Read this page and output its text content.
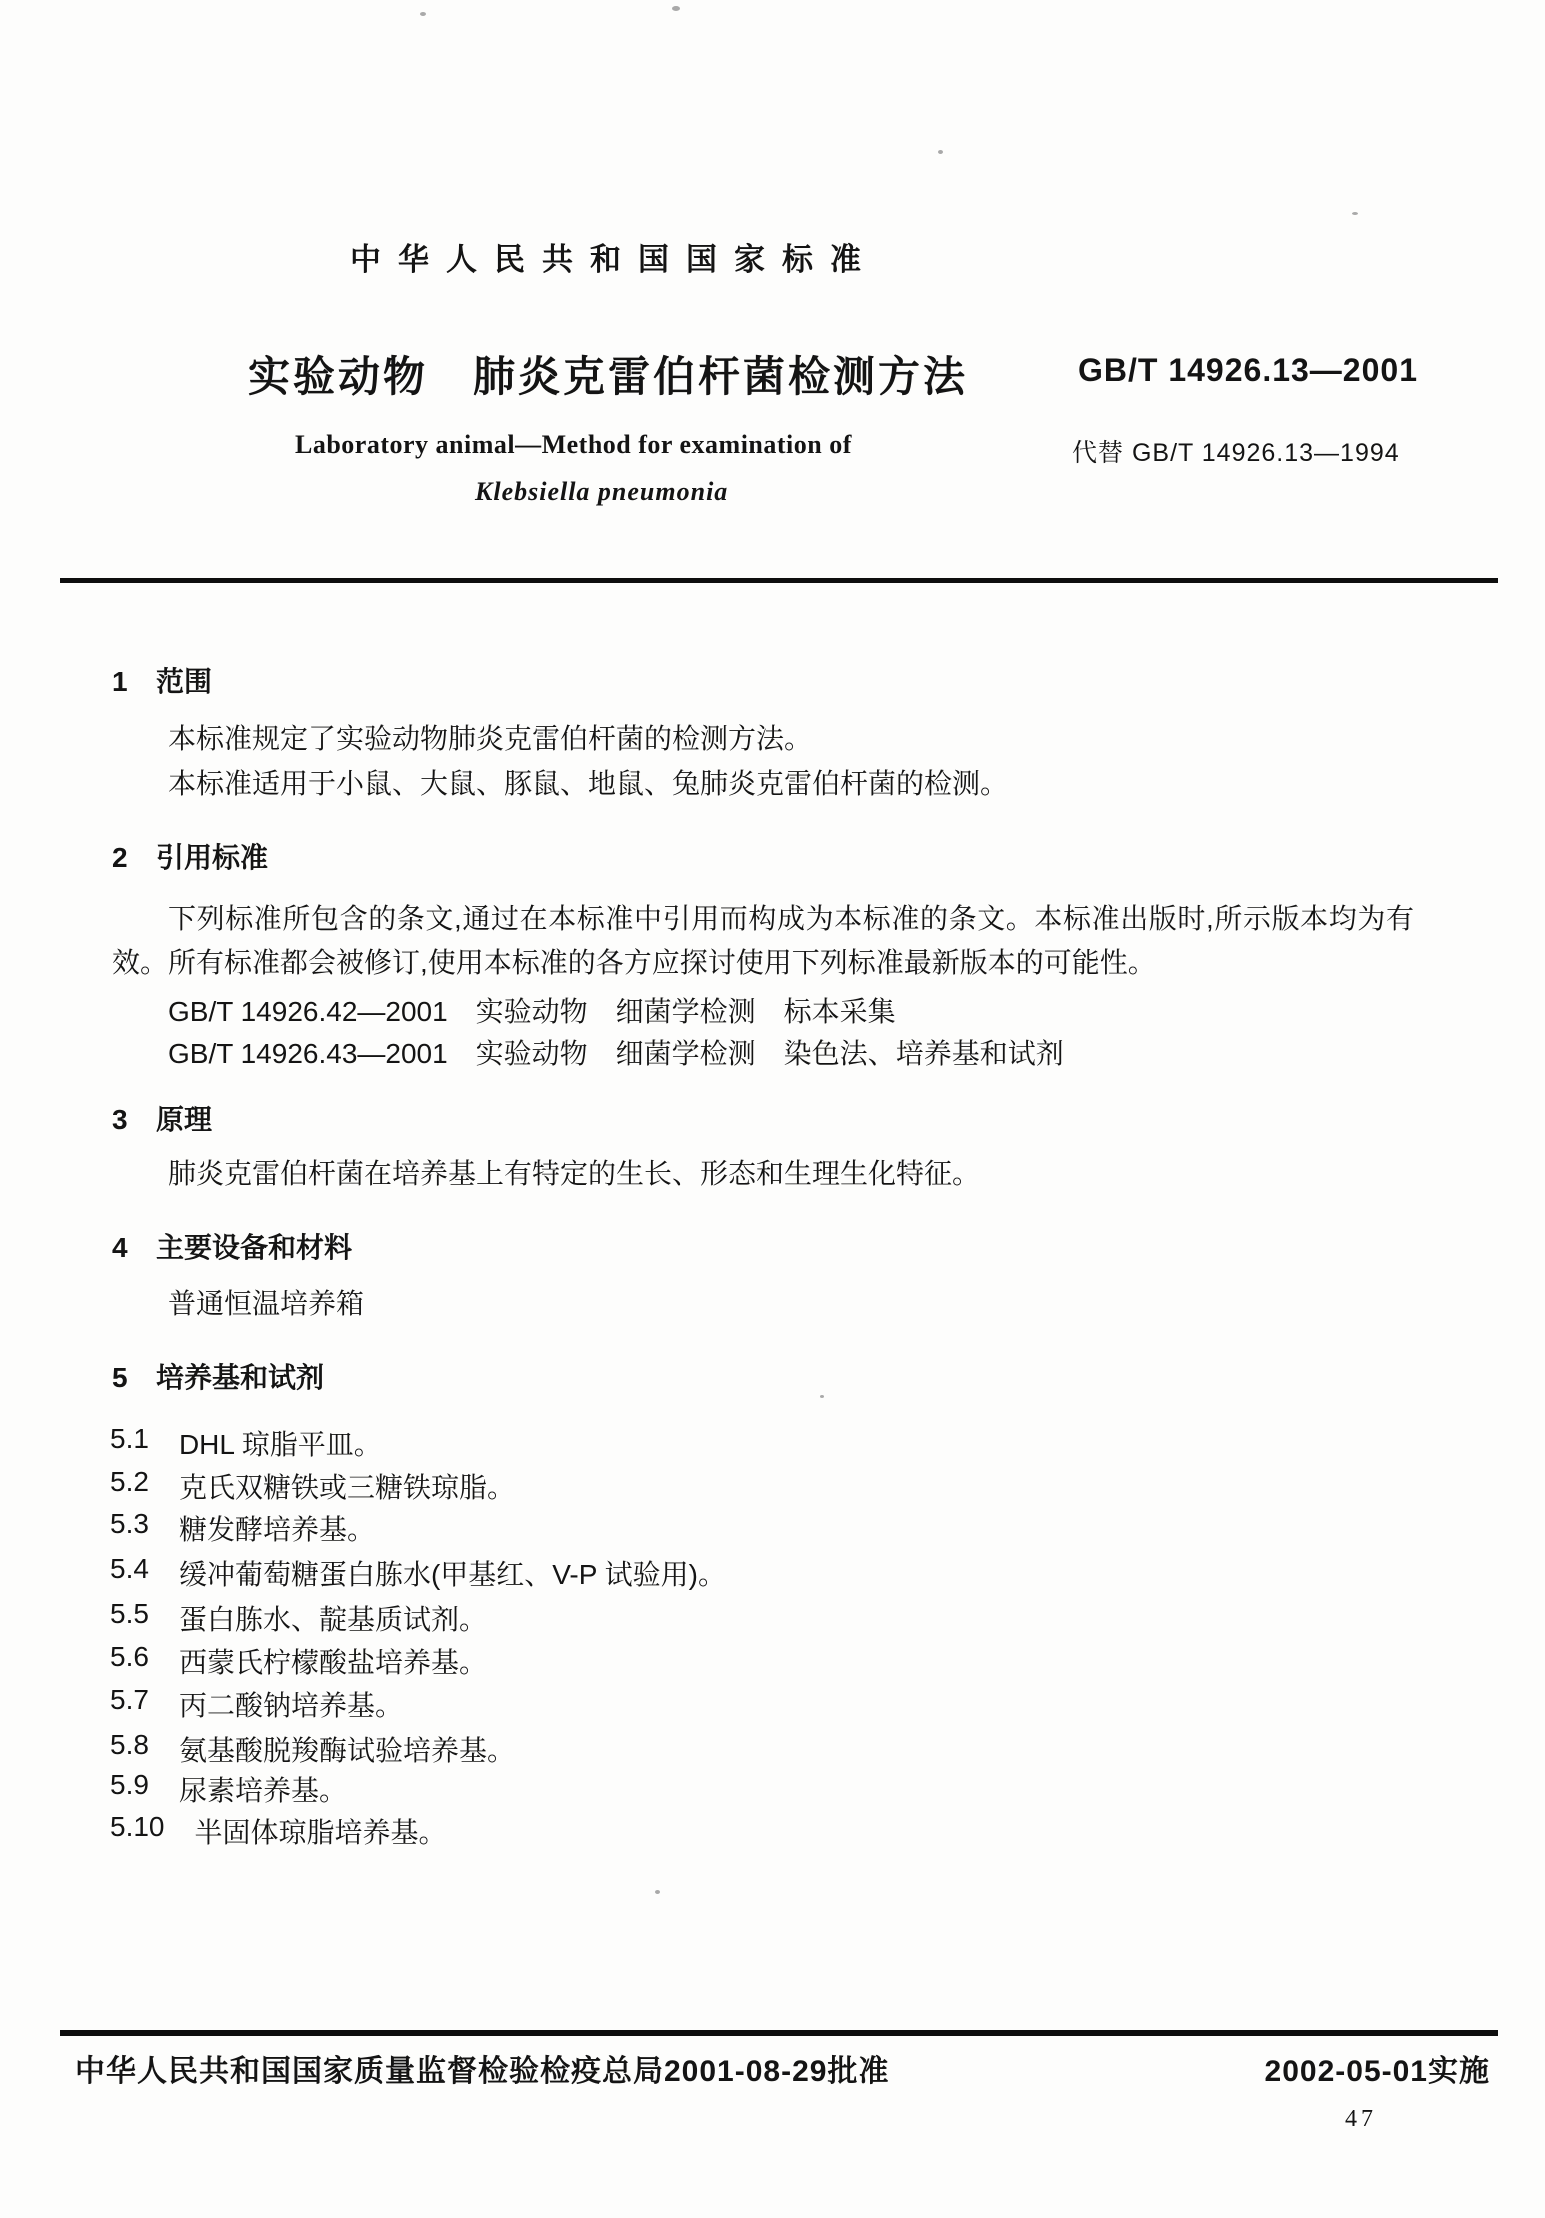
中华人民共和国国家标准
实验动物　肺炎克雷伯杆菌检测方法	GB/T 14926.13—2001
Laboratory animal—Method for examination of	代替 GB/T 14926.13—1994
Klebsiella pneumonia
1 范围

本标准规定了实验动物肺炎克雷伯杆菌的检测方法。

本标准适用于小鼠、大鼠、豚鼠、地鼠、兔肺炎克雷伯杆菌的检测。

2 引用标准

下列标准所包含的条文,通过在本标准中引用而构成为本标准的条文。本标准出版时,所示版本均为有效。所有标准都会被修订,使用本标准的各方应探讨使用下列标准最新版本的可能性。

GB/T 14926.42—2001　实验动物　细菌学检测　标本采集

GB/T 14926.43—2001　实验动物　细菌学检测　染色法、培养基和试剂

3 原理

肺炎克雷伯杆菌在培养基上有特定的生长、形态和生理生化特征。

4 主要设备和材料

普通恒温培养箱

5 培养基和试剂

5.1 DHL 琼脂平皿。

5.2 克氏双糖铁或三糖铁琼脂。

5.3 糖发酵培养基。

5.4 缓冲葡萄糖蛋白胨水(甲基红、V-P 试验用)。

5.5 蛋白胨水、靛基质试剂。

5.6 西蒙氏柠檬酸盐培养基。

5.7 丙二酸钠培养基。

5.8 氨基酸脱羧酶试验培养基。

5.9 尿素培养基。

5.10 半固体琼脂培养基。

中华人民共和国国家质量监督检验检疫总局2001-08-29批准	2002-05-01实施
47
